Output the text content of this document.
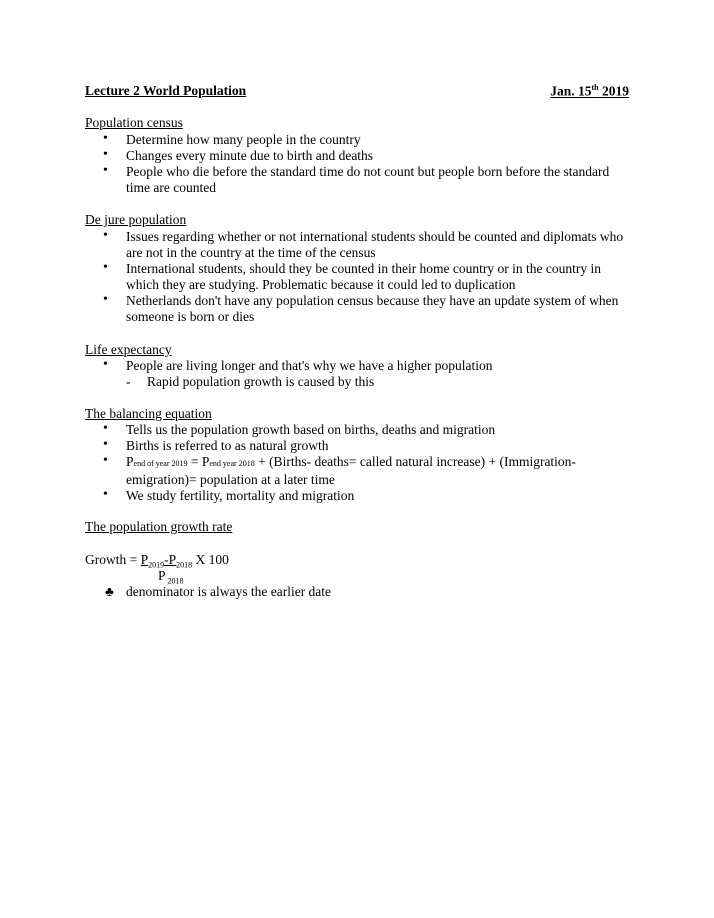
Lecture 2 World Population	Jan. 15th 2019
Population census
• Determine how many people in the country
• Changes every minute due to birth and deaths
• People who die before the standard time do not count but people born before the standard time are counted
De jure population
• Issues regarding whether or not international students should be counted and diplomats who are not in the country at the time of the census
• International students, should they be counted in their home country or in the country in which they are studying. Problematic because it could led to duplication
• Netherlands don't have any population census because they have an update system of when someone is born or dies
Life expectancy
• People are living longer and that's why we have a higher population
- Rapid population growth is caused by this
The balancing equation
• Tells us the population growth based on births, deaths and migration
• Births is referred to as natural growth
• Pend of year 2019 = Pend year 2018 + (Births- deaths= called natural increase) + (Immigration-emigration)= population at a later time
• We study fertility, mortality and migration
The population growth rate
Growth = $P_{2019}-P_{2018}$ X 100
P $_{2018}$
♣ denominator is always the earlier date
